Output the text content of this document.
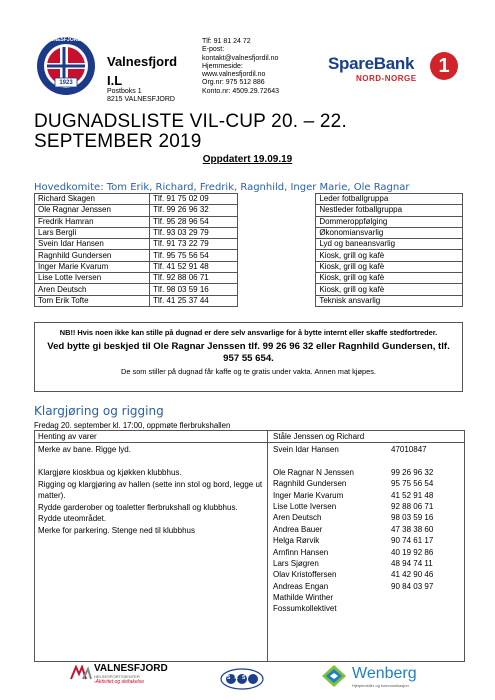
1923
VALNESFJORD I.L
Valnesfjord
I.L
Postboks 1
8215 VALNESFJORD
Tlf: 91 81 24 72
E-post:
kontakt@valnesfjordil.no
Hjemmeside:
www.valnesfjordil.no
Org.nr: 975 512 886
Konto.nr: 4509.29.72643
SpareBank	1
NORD-NORGE
DUGNADSLISTE VIL-CUP 20. – 22.
SEPTEMBER 2019
Oppdatert 19.09.19
Hovedkomite: Tom Erik, Richard, Fredrik, Ragnhild, Inger Marie, Ole Ragnar
Richard Skagen	Tlf. 91 75 02 09		Leder fotballgruppa
Ole Ragnar Jenssen	Tlf. 99 26 96 32		Nestleder fotballgruppa
Fredrik Hamran	Tlf. 95 28 96 54		Dommeroppfølging
Lars Bergli	Tlf. 93 03 29 79		Økonomiansvarlig
Svein Idar Hansen	Tlf. 91 73 22 79		Lyd og baneansvarlig
Ragnhild Gundersen	Tlf. 95 75 56 54		Kiosk, grill og kafè
Inger Marie Kvarum	Tlf. 41 52 91 48		Kiosk, grill og kafè
Lise Lotte Iversen	Tlf. 92 88 06 71		Kiosk, grill og kafè
Aren Deutsch	Tlf. 98 03 59 16		Kiosk, grill og kafè
Tom Erik Tofte	Tlf. 41 25 37 44		Teknisk ansvarlig
NB!! Hvis noen ikke kan stille på dugnad er dere selv ansvarlige for å bytte internt eller skaffe stedfortreder.
Ved bytte gi beskjed til Ole Ragnar Jenssen tlf. 99 26 96 32 eller Ragnhild Gundersen, tlf. 957 55 654.
De som stiller på dugnad får kaffe og te gratis under vakta. Annen mat kjøpes.
Klargjøring og rigging
Fredag 20. september kl. 17:00, oppmøte flerbrukshallen
Henting av varer	Ståle Jenssen og Richard
Merke av bane. Rigge lyd.
Klargjøre kioskbua og kjøkken klubbhus.
Rigging og klargjøring av hallen (sette inn stol og bord, legge ut matter).
Rydde garderober og toaletter flerbrukshall og klubbhus.
Rydde uteområdet.
Merke for parkering. Stenge ned til klubbhus
Svein Idar Hansen	47010847
Ole Ragnar N Jenssen	99 26 96 32
Ragnhild Gundersen	95 75 56 54
Inger Marie Kvarum	41 52 91 48
Lise Lotte Iversen	92 88 06 71
Aren Deutsch	98 03 59 16
Andrea Bauer	47 38 38 60
Helga Rørvik	90 74 61 17
Arnfinn Hansen	40 19 92 86
Lars Sjøgren	48 94 74 11
Olav Kristoffersen	41 42 90 46
Andreas Engan	90 84 03 97
Mathilde Winther
Fossumkollektivet
VALNESFJORD
HELSESPORTSSENTER
-Aktivitet og deltakelse
SKS	Wenberg
Hjelpemidler og kommunikasjon
